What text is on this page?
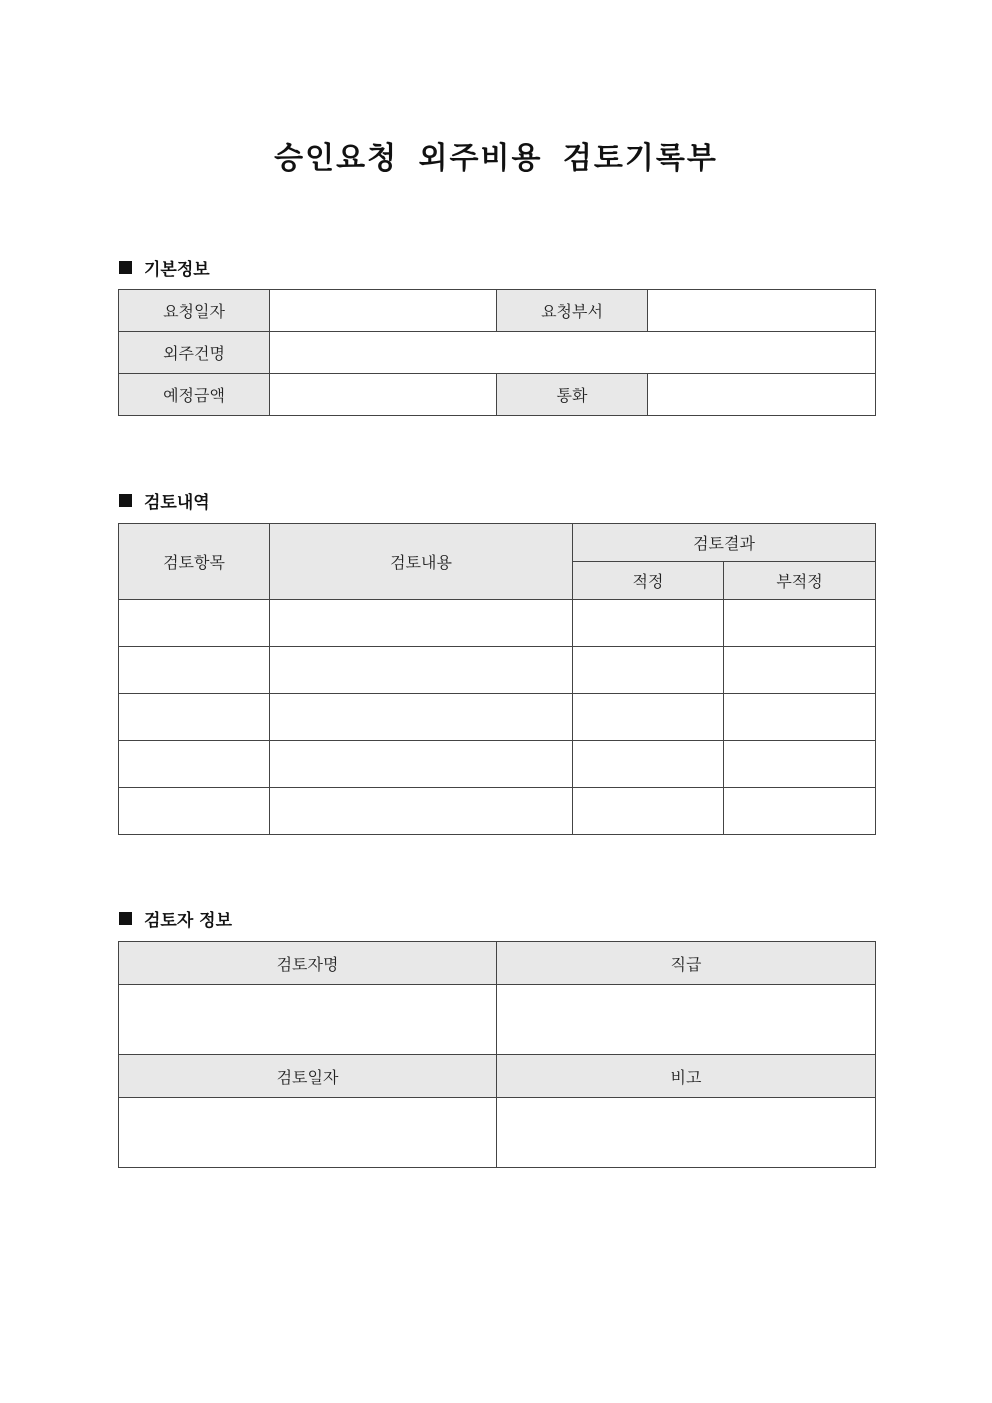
승인요청 외주비용 검토기록부
기본정보
요청일자		요청부서	
외주건명			
예정금액		통화	
검토내역
검토항목	검토내용	검토결과	
		적정	부적정

검토자 정보
검토자명	직급

검토일자	비고
